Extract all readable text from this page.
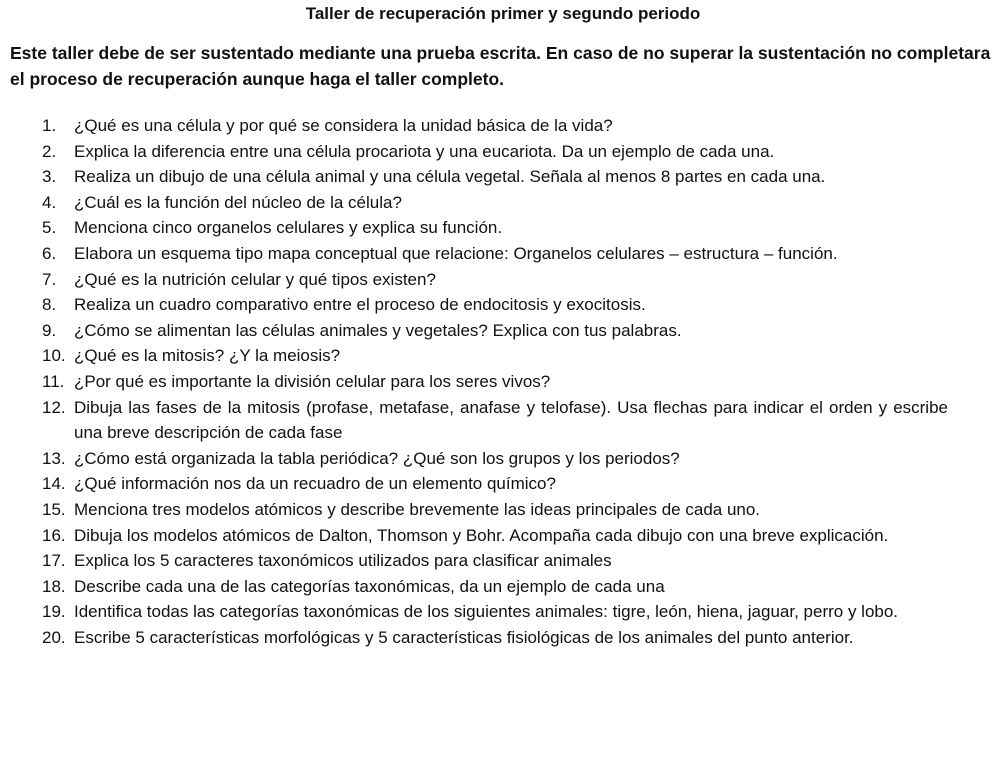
Taller de recuperación primer y segundo periodo

Este taller debe de ser sustentado mediante una prueba escrita. En caso de no superar la sustentación no completara el proceso de recuperación aunque haga el taller completo.

1.	¿Qué es una célula y por qué se considera la unidad básica de la vida?
2.	Explica la diferencia entre una célula procariota y una eucariota. Da un ejemplo de cada una.
3.	Realiza un dibujo de una célula animal y una célula vegetal. Señala al menos 8 partes en cada una.
4.	¿Cuál es la función del núcleo de la célula?
5.	Menciona cinco organelos celulares y explica su función.
6.	Elabora un esquema tipo mapa conceptual que relacione: Organelos celulares – estructura – función.
7.	¿Qué es la nutrición celular y qué tipos existen?
8.	Realiza un cuadro comparativo entre el proceso de endocitosis y exocitosis.
9.	¿Cómo se alimentan las células animales y vegetales? Explica con tus palabras.
10. ¿Qué es la mitosis? ¿Y la meiosis?
11. ¿Por qué es importante la división celular para los seres vivos?
12. Dibuja las fases de la mitosis (profase, metafase, anafase y telofase). Usa flechas para indicar el orden y escribe una breve descripción de cada fase
13. ¿Cómo está organizada la tabla periódica? ¿Qué son los grupos y los periodos?
14. ¿Qué información nos da un recuadro de un elemento químico?
15. Menciona tres modelos atómicos y describe brevemente las ideas principales de cada uno.
16. Dibuja los modelos atómicos de Dalton, Thomson y Bohr. Acompaña cada dibujo con una breve explicación.
17. Explica los 5 caracteres taxonómicos utilizados para clasificar animales
18. Describe cada una de las categorías taxonómicas, da un ejemplo de cada una
19. Identifica todas las categorías taxonómicas de los siguientes animales: tigre, león, hiena, jaguar, perro y lobo.
20. Escribe 5 características morfológicas y 5 características fisiológicas de los animales del punto anterior.
